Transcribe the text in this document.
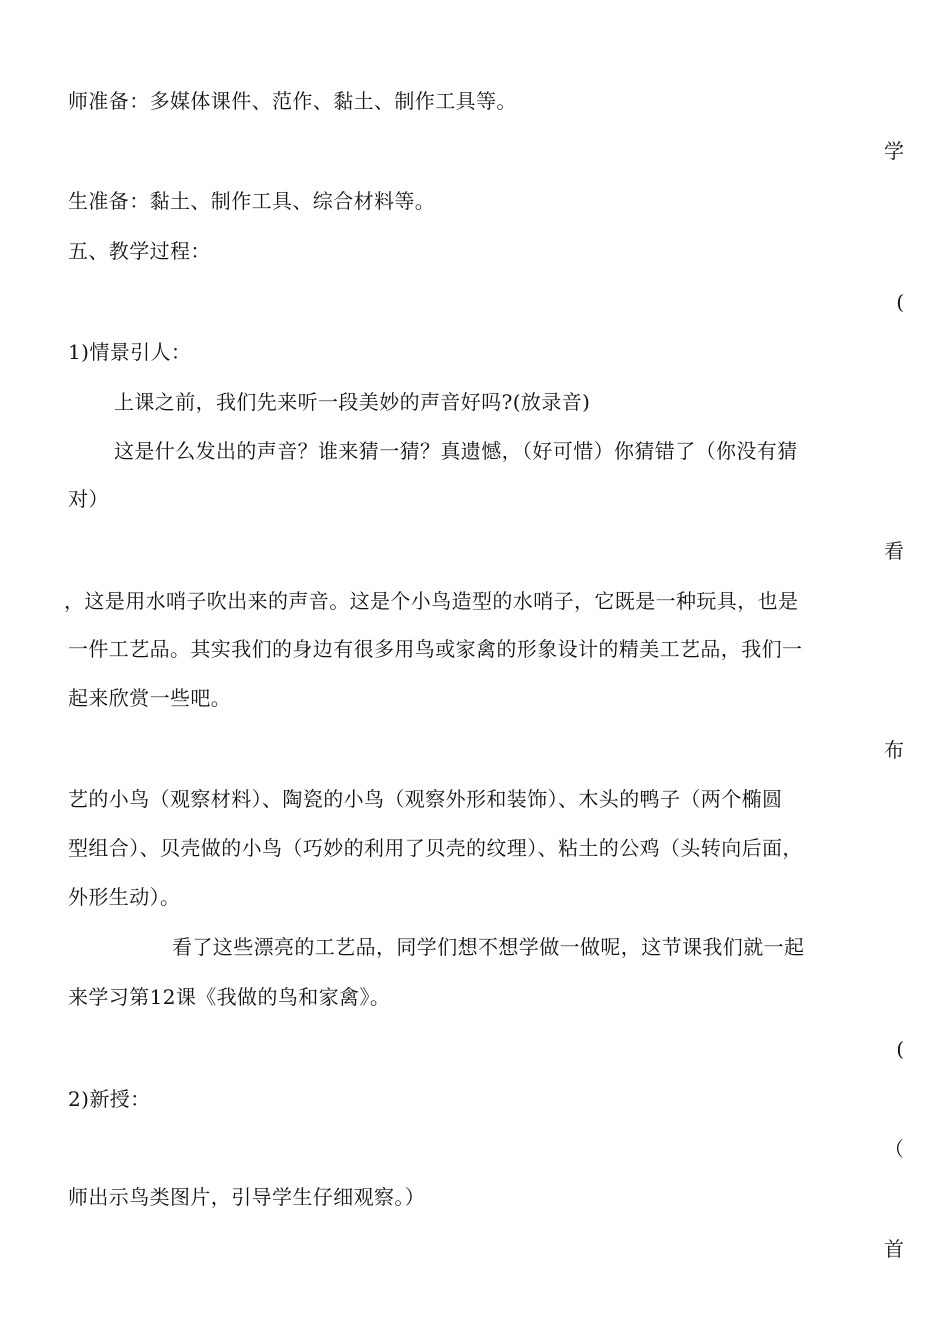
师准备：多媒体课件、范作、黏土、制作工具等。
学
生准备：黏土、制作工具、综合材料等。
五、教学过程：
(
1)情景引人：
上课之前，我们先来听一段美妙的声音好吗?(放录音)
这是什么发出的声音？谁来猜一猜？真遗憾，（好可惜）你猜错了（你没有猜
对）
看
，这是用水哨子吹出来的声音。这是个小鸟造型的水哨子，它既是一种玩具，也是
一件工艺品。其实我们的身边有很多用鸟或家禽的形象设计的精美工艺品，我们一
起来欣赏一些吧。
布
艺的小鸟（观察材料）、陶瓷的小鸟（观察外形和装饰）、木头的鸭子（两个椭圆
型组合）、贝壳做的小鸟（巧妙的利用了贝壳的纹理）、粘土的公鸡（头转向后面，
外形生动）。
看了这些漂亮的工艺品，同学们想不想学做一做呢，这节课我们就一起
来学习第12课《我做的鸟和家禽》。
(
2)新授：
（
师出示鸟类图片，引导学生仔细观察。）
首
